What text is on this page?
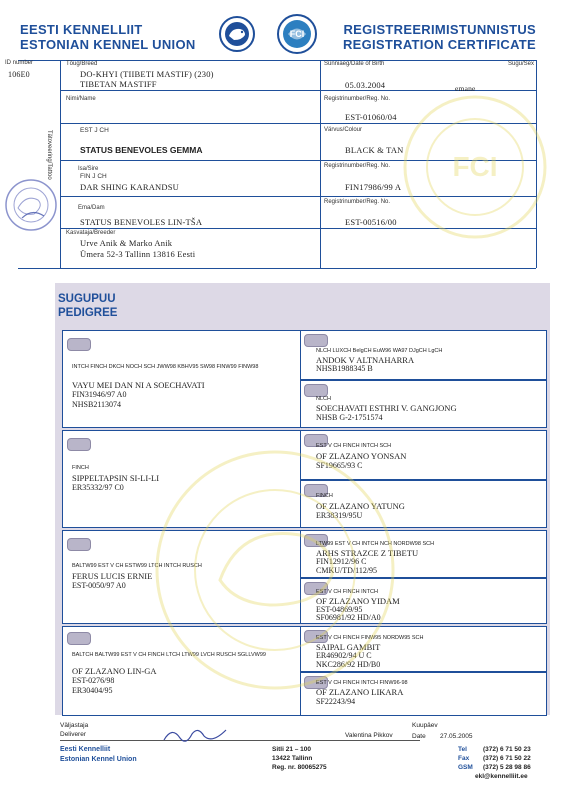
EESTI KENNELLIIT
ESTONIAN KENNEL UNION
FCI	REGISTREERIMISTUNNISTUS
REGISTRATION CERTIFICATE
ID number
106E0
Tätoveering/Tattoo
Tõug/Breed
DO-KHYI (TIIBETI MASTIF) (230)
TIBETAN MASTIFF
Sünniaeg/Date of Birth	Sugu/Sex
05.03.2004	emane
Nimi/Name	Registrinumber/Reg. No.
EST-01060/04
EST J CH	Värvus/Colour
STATUS BENEVOLES GEMMA	BLACK & TAN
Isa/Sire
FIN J CH
DAR SHING KARANDSU
Registrinumber/Reg. No.
FIN17986/99 A
Ema/Dam
STATUS BENEVOLES LIN-TŠA
Registrinumber/Reg. No.
EST-00516/00
Kasvataja/Breeder
Urve Anik & Marko Anik
Ümera 52-3 Tallinn 13816 Eesti
FCI
SUGUPUU
PEDIGREE
INTCH FINCH DKCH NOCH SCH JWW98 KBHV95 SW98 FINW99 FINW98
VAYU MEI DAN NI A SOECHAVATI
FIN31946/97 A0
NHSB2113074
FINCH
SIPPELTAPSIN SI-LI-LI
ER35332/97 C0
BALTW99 EST V CH ESTW99 LTCH INTCH RUSCH
FERUS LUCIS ERNIE
EST-0050/97 A0
BALTCH BALTW99 EST V CH FINCH LTCH LTW99 LVCH RUSCH SGLLVW99
OF ZLAZANO LIN-GA
EST-0276/98
ER30404/95
NLCH LUXCH BelgCH EuW96 WA97 DJgCH LgCH
ANDOK V ALTNAHARRA
NHSB1988345 B
NLCH
SOECHAVATI ESTHRI V. GANGJONG
NHSB G-2-1751574
EST V CH FINCH INTCH SCH
OF ZLAZANO YONSAN
SF19665/93 C
FINCH
OF ZLAZANO YATUNG
ER38319/95U
LTW99 EST V CH INTCH NCH NORDW98 SCH
ARHS STRAZCE Z TIBETU
FIN12912/96 C
CMKU/TD/112/95
EST V CH FINCH INTCH
OF ZLAZANO YIDAM
EST-04869/95
SF06981/92 HD/A0
EST V CH FINCH FINW95 NORDW95 SCH
SAIPAL GAMBIT
ER46902/94 U C
NKC286/92 HD/B0
EST V CH FINCH INTCH FINW96-98
OF ZLAZANO LIKARA
SF22243/94
Väljastaja
Deliverer
Eesti Kennelliit
Estonian Kennel Union
Sitli 21 – 100
13422 Tallinn
Reg. nr. 80065275
Valentina Pikkov
Kuupäev
Date 27.05.2005
Tel (372) 6 71 50 23
Fax (372) 6 71 50 22
GSM (372) 5 28 98 86
ekl@kennelliit.ee
